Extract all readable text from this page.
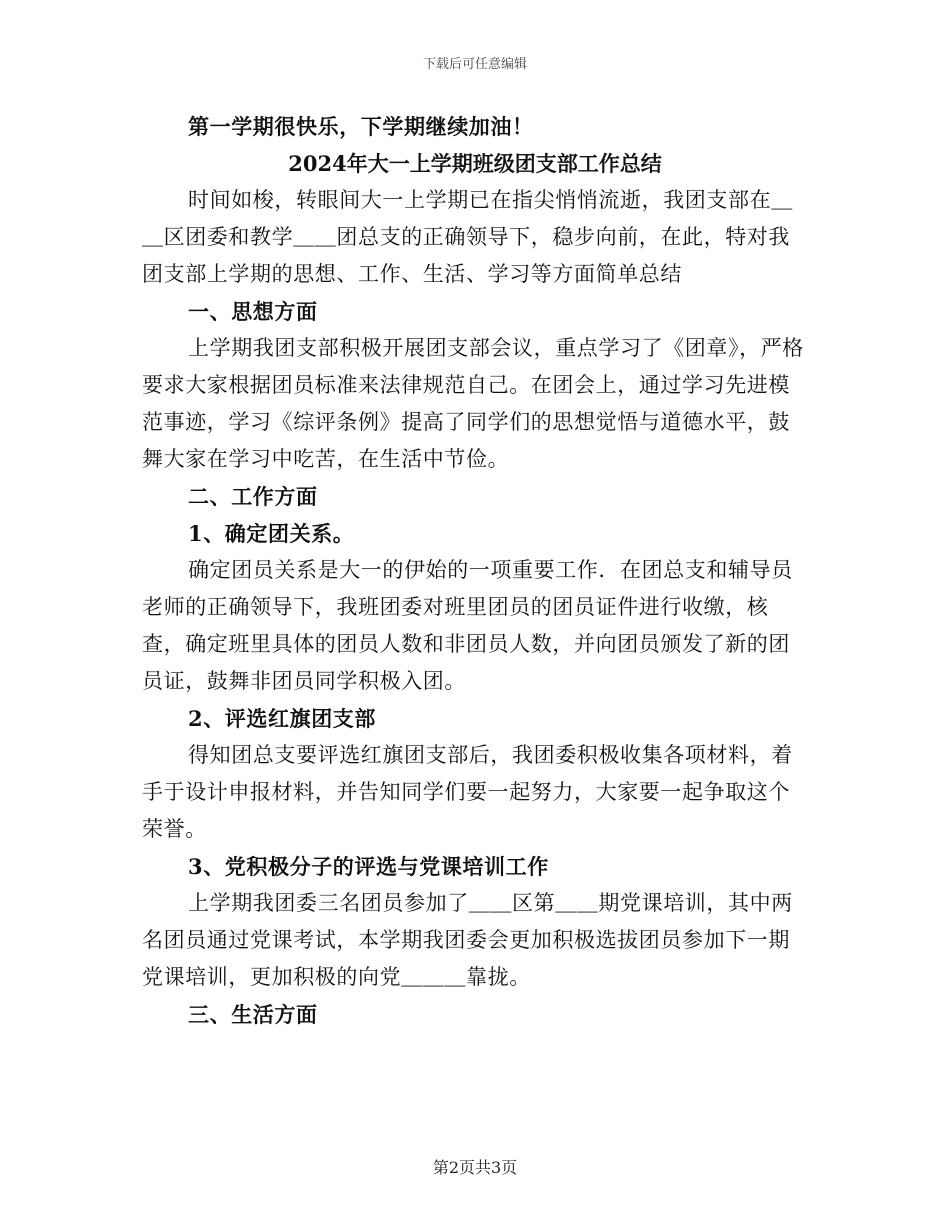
下载后可任意编辑

第一学期很快乐，下学期继续加油！

2024年大一上学期班级团支部工作总结

时间如梭，转眼间大一上学期已在指尖悄悄流逝，我团支部在＿＿区团委和教学＿＿团总支的正确领导下，稳步向前，在此，特对我团支部上学期的思想、工作、生活、学习等方面简单总结

一、思想方面

上学期我团支部积极开展团支部会议，重点学习了《团章》，严格要求大家根据团员标准来法律规范自己。在团会上，通过学习先进模范事迹，学习《综评条例》提高了同学们的思想觉悟与道德水平，鼓舞大家在学习中吃苦，在生活中节俭。

二、工作方面

1、确定团关系。

确定团员关系是大一的伊始的一项重要工作．在团总支和辅导员老师的正确领导下，我班团委对班里团员的团员证件进行收缴，核查，确定班里具体的团员人数和非团员人数，并向团员颁发了新的团员证，鼓舞非团员同学积极入团。

2、评选红旗团支部

得知团总支要评选红旗团支部后，我团委积极收集各项材料，着手于设计申报材料，并告知同学们要一起努力，大家要一起争取这个荣誉。

3、党积极分子的评选与党课培训工作

上学期我团委三名团员参加了＿＿区第＿＿期党课培训，其中两名团员通过党课考试，本学期我团委会更加积极选拔团员参加下一期党课培训，更加积极的向党＿＿＿靠拢。

三、生活方面

第2页共3页
